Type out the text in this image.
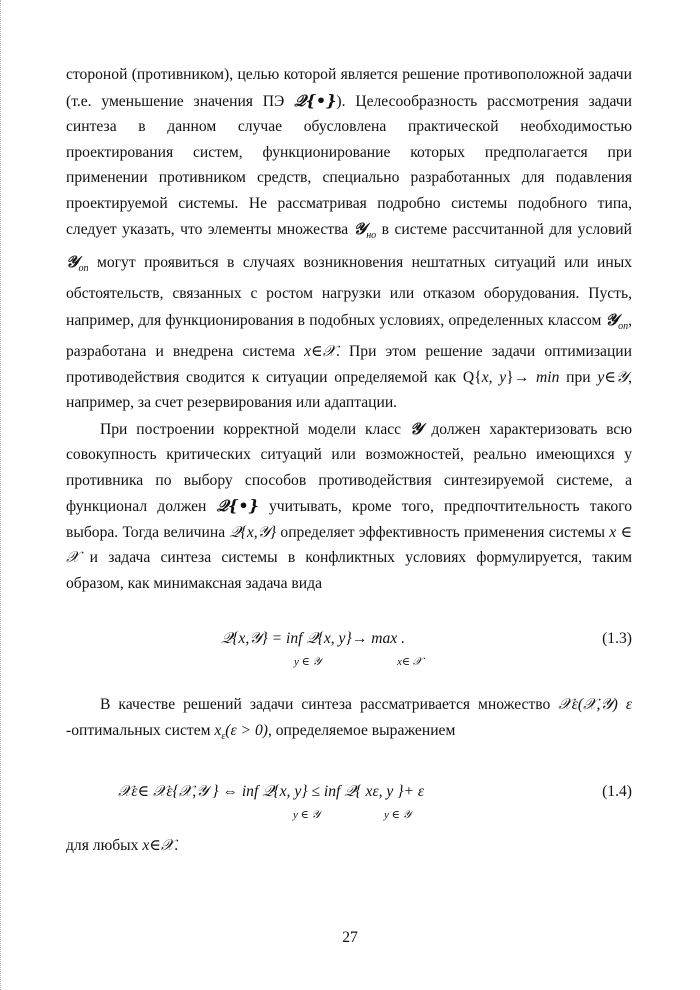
стороной (противником), целью которой является решение противоположной задачи (т.е. уменьшение значения ПЭ 𝒬{•}). Целесообразность рассмотрения задачи синтеза в данном случае обусловлена практической необходимостью проектирования систем, функционирование которых предполагается при применении противником средств, специально разработанных для подавления проектируемой системы. Не рассматривая подробно системы подобного типа, следует указать, что элементы множества 𝒴$_{но}$ в системе рассчитанной для условий 𝒴$_{оп}$ могут проявиться в случаях возникновения нештатных ситуаций или иных обстоятельств, связанных с ростом нагрузки или отказом оборудования. Пусть, например, для функционирования в подобных условиях, определенных классом 𝒴$_{оп}$, разработана и внедрена система x∈𝒳. При этом решение задачи оптимизации противодействия сводится к ситуации определяемой как Q{x, y}→ min при y∈𝒴, например, за счет резервирования или адаптации.

При построении корректной модели класс 𝒴 должен характеризовать всю совокупность критических ситуаций или возможностей, реально имеющихся у противника по выбору способов противодействия синтезируемой системе, а функционал должен 𝒬{•} учитывать, кроме того, предпочтительность такого выбора. Тогда величина 𝒬{x,𝒴} определяет эффективность применения системы x ∈ 𝒳 и задача синтеза системы в конфликтных условиях формулируется, таким образом, как минимаксная задача вида

𝒬{x,𝒴} = inf 𝒬{x, y}→ max .
y ∈ 𝒴	x∈ 𝒳
(1.3)

В качестве решений задачи синтеза рассматривается множество 𝒳ε(𝒳,𝒴) ε -оптимальных систем $x_\varepsilon(\varepsilon > 0)$, определяемое выражением

𝒳ε∈ 𝒳ε{𝒳,𝒴 } ⇔ inf 𝒬{x, y} ≤ inf 𝒬{ xε, y }+ ε
y ∈ 𝒴	y ∈ 𝒴
(1.4)

для любых x∈𝒳.

27
